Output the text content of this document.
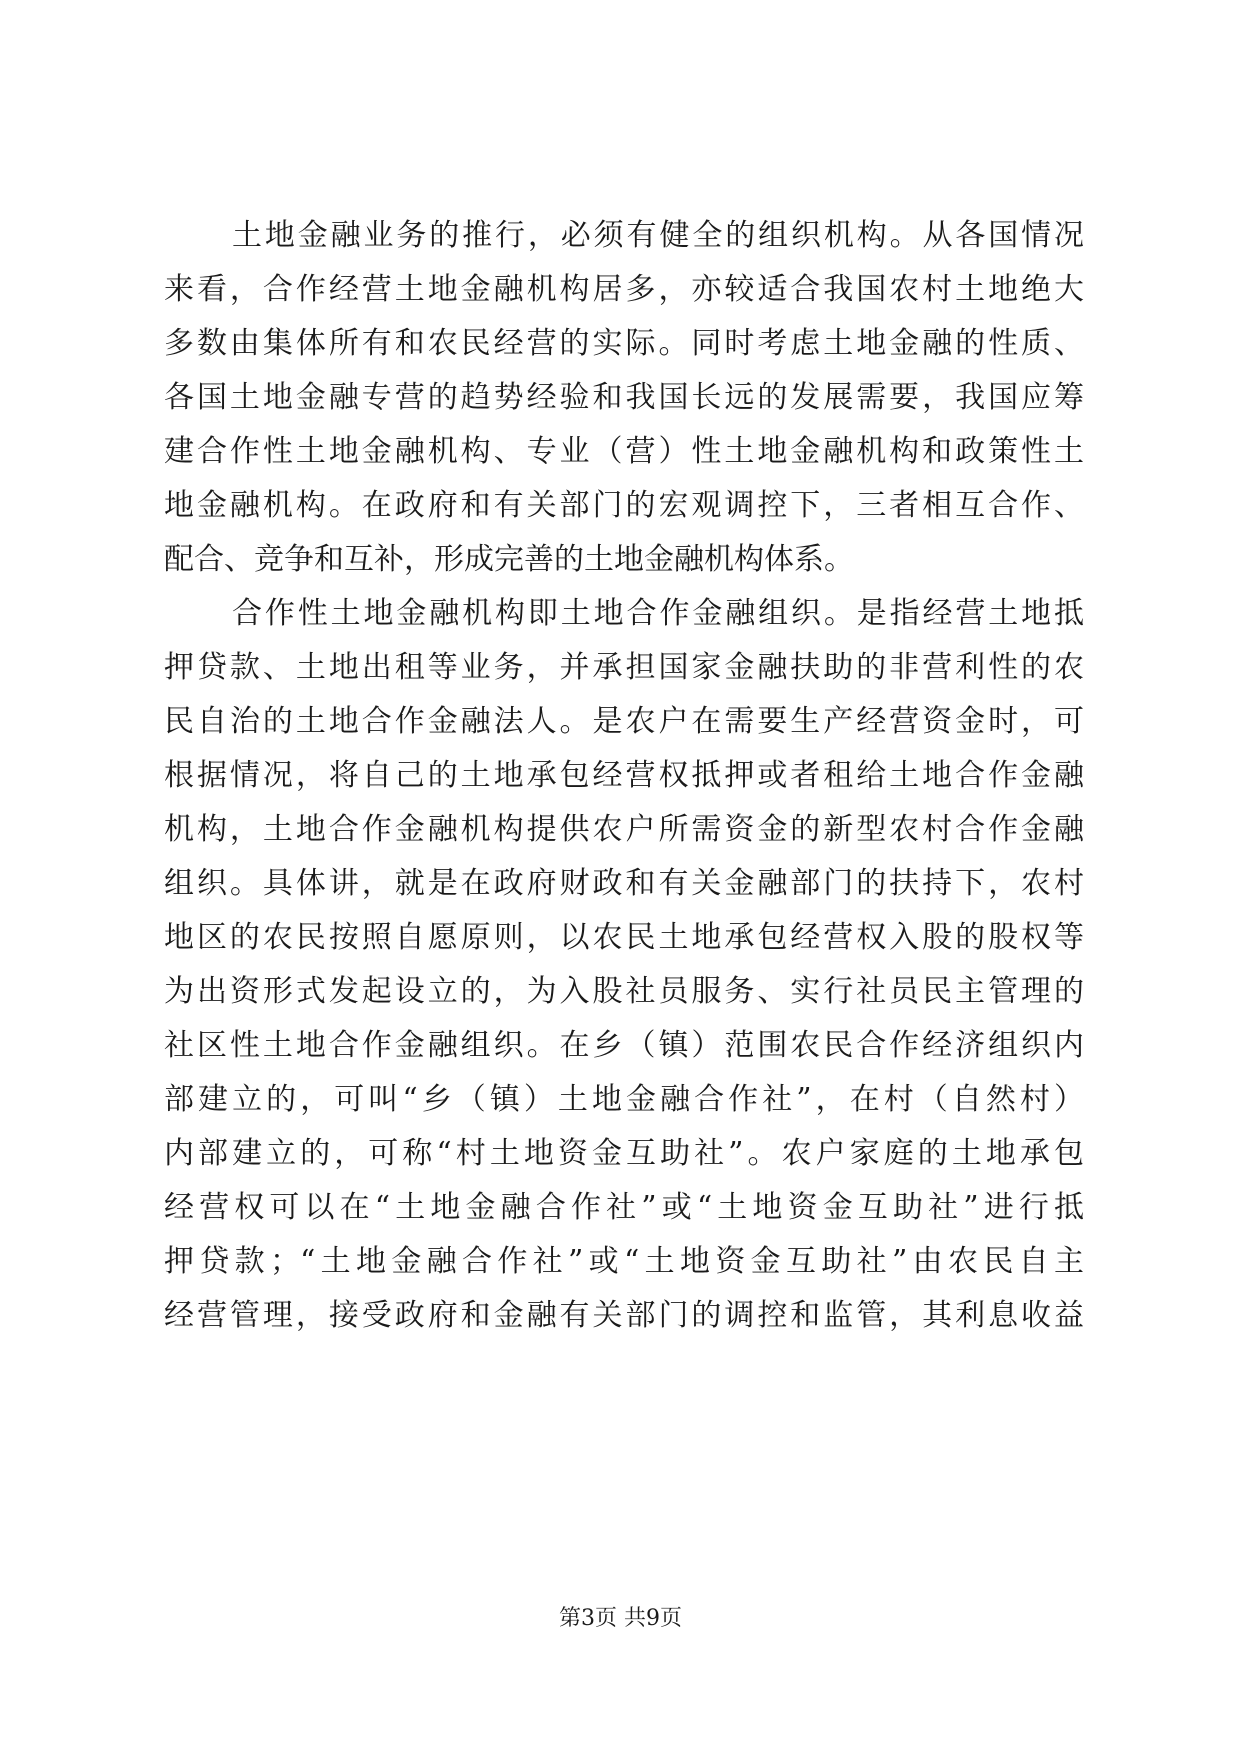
土地金融业务的推行，必须有健全的组织机构。从各国情况
来看，合作经营土地金融机构居多，亦较适合我国农村土地绝大
多数由集体所有和农民经营的实际。同时考虑土地金融的性质、
各国土地金融专营的趋势经验和我国长远的发展需要，我国应筹
建合作性土地金融机构、专业（营）性土地金融机构和政策性土
地金融机构。在政府和有关部门的宏观调控下，三者相互合作、
配合、竞争和互补，形成完善的土地金融机构体系。
合作性土地金融机构即土地合作金融组织。是指经营土地抵
押贷款、土地出租等业务，并承担国家金融扶助的非营利性的农
民自治的土地合作金融法人。是农户在需要生产经营资金时，可
根据情况，将自己的土地承包经营权抵押或者租给土地合作金融
机构，土地合作金融机构提供农户所需资金的新型农村合作金融
组织。具体讲，就是在政府财政和有关金融部门的扶持下，农村
地区的农民按照自愿原则，以农民土地承包经营权入股的股权等
为出资形式发起设立的，为入股社员服务、实行社员民主管理的
社区性土地合作金融组织。在乡（镇）范围农民合作经济组织内
部建立的，可叫“乡（镇）土地金融合作社”，在村（自然村）
内部建立的，可称“村土地资金互助社”。农户家庭的土地承包
经营权可以在“土地金融合作社”或“土地资金互助社”进行抵
押贷款；“土地金融合作社”或“土地资金互助社”由农民自主
经营管理，接受政府和金融有关部门的调控和监管，其利息收益
第3页 共9页
